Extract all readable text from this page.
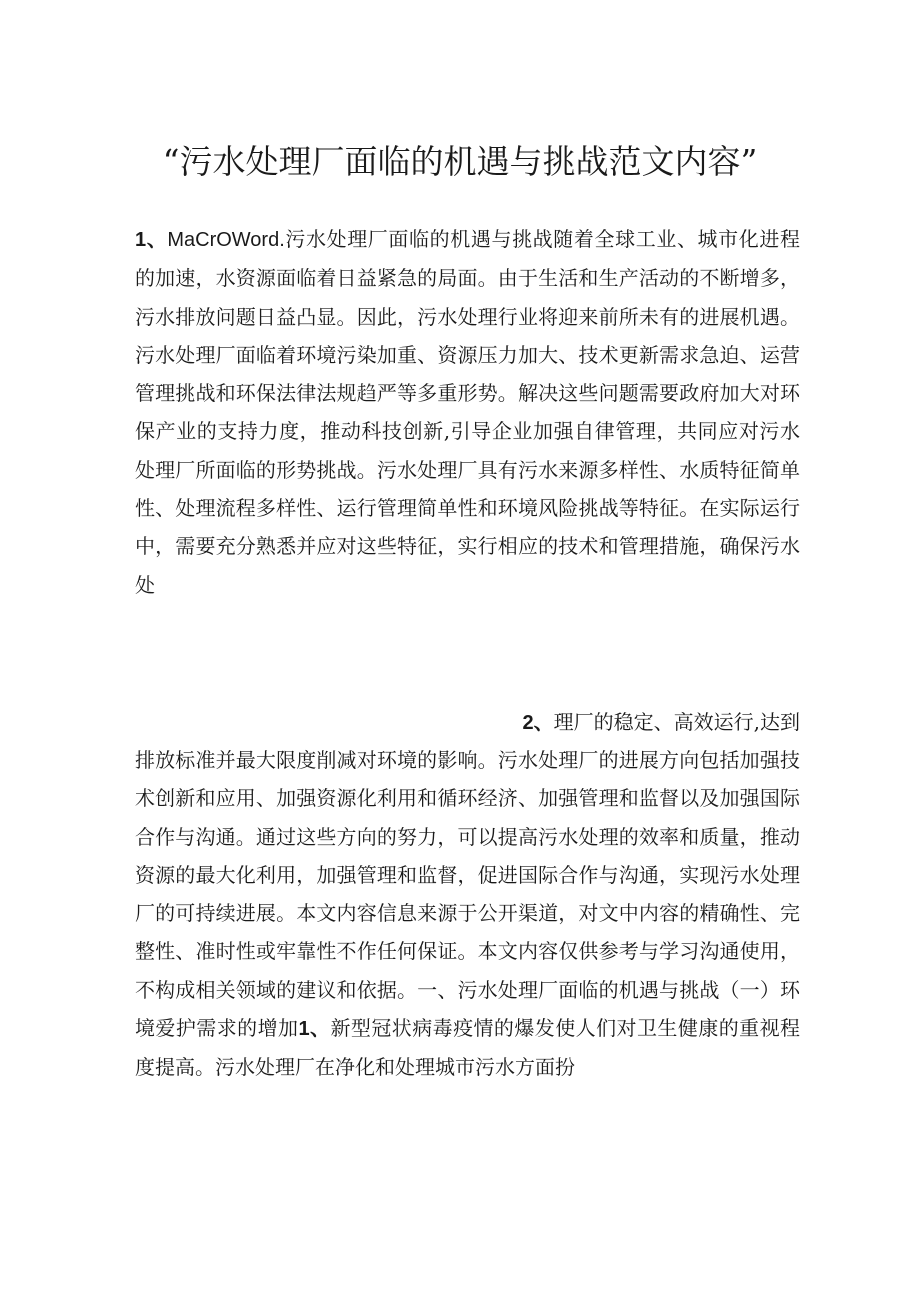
“污水处理厂面临的机遇与挑战范文内容”

1、MaCrOWord.污水处理厂面临的机遇与挑战随着全球工业、城市化进程的加速，水资源面临着日益紧急的局面。由于生活和生产活动的不断增多，污水排放问题日益凸显。因此，污水处理行业将迎来前所未有的进展机遇。污水处理厂面临着环境污染加重、资源压力加大、技术更新需求急迫、运营管理挑战和环保法律法规趋严等多重形势。解决这些问题需要政府加大对环保产业的支持力度，推动科技创新,引导企业加强自律管理，共同应对污水处理厂所面临的形势挑战。污水处理厂具有污水来源多样性、水质特征简单性、处理流程多样性、运行管理简单性和环境风险挑战等特征。在实际运行中，需要充分熟悉并应对这些特征，实行相应的技术和管理措施，确保污水处

2、理厂的稳定、高效运行,达到

排放标准并最大限度削减对环境的影响。污水处理厂的进展方向包括加强技术创新和应用、加强资源化利用和循环经济、加强管理和监督以及加强国际合作与沟通。通过这些方向的努力，可以提高污水处理的效率和质量，推动资源的最大化利用，加强管理和监督，促进国际合作与沟通，实现污水处理厂的可持续进展。本文内容信息来源于公开渠道，对文中内容的精确性、完整性、准时性或牢靠性不作任何保证。本文内容仅供参考与学习沟通使用，不构成相关领域的建议和依据。一、污水处理厂面临的机遇与挑战（一）环境爱护需求的增加1、新型冠状病毒疫情的爆发使人们对卫生健康的重视程度提高。污水处理厂在净化和处理城市污水方面扮
